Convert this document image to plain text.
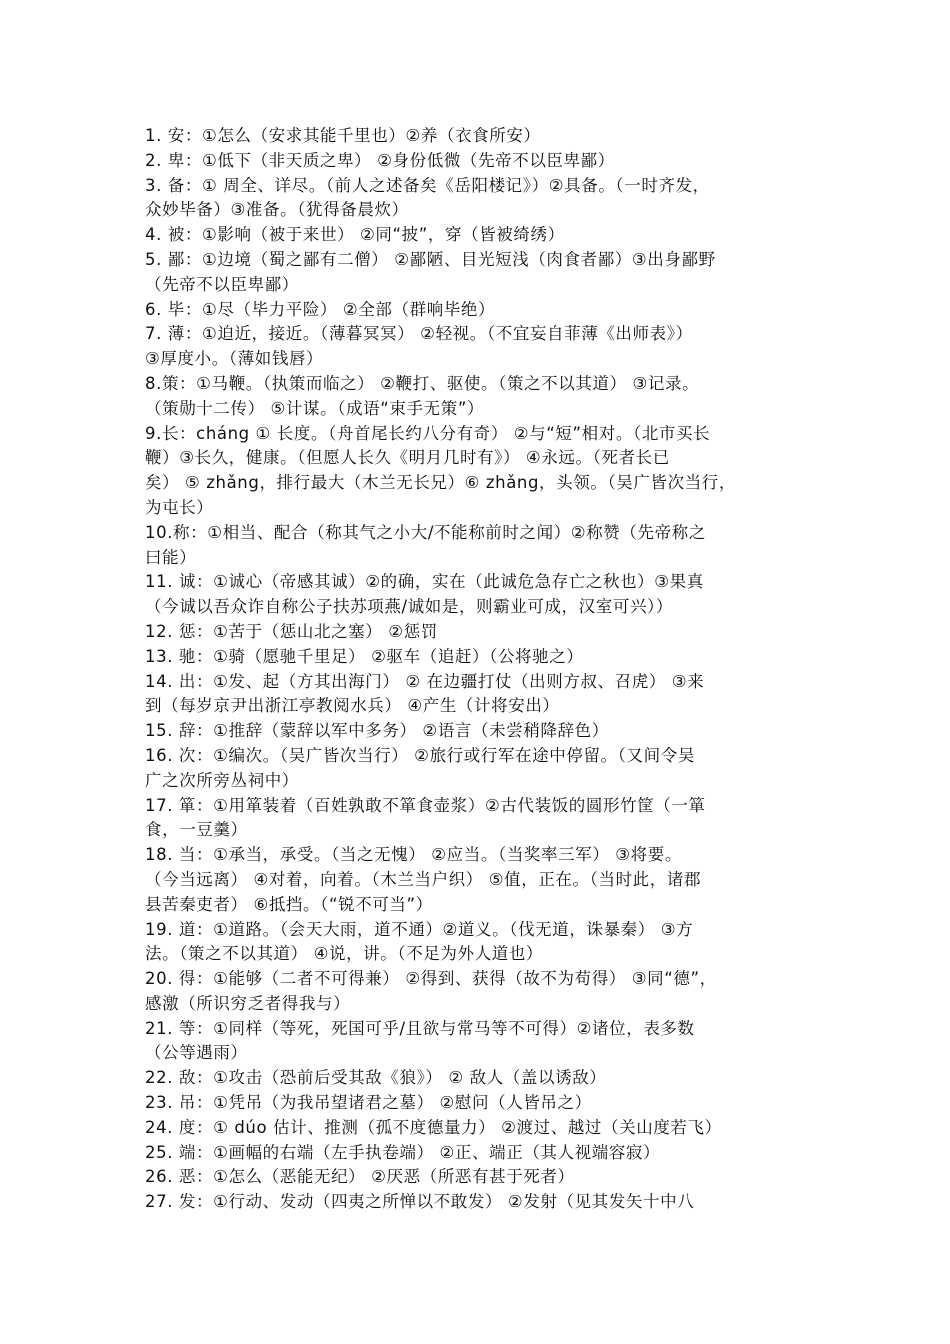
1. 安：①怎么（安求其能千里也）②养（衣食所安）
2. 卑：①低下（非天质之卑） ②身份低微（先帝不以臣卑鄙）
3. 备：① 周全、详尽。（前人之述备矣《岳阳楼记》）②具备。（一时齐发，
众妙毕备）③准备。（犹得备晨炊）
4. 被：①影响（被于来世） ②同“披”，穿（皆被绮绣）
5. 鄙：①边境（蜀之鄙有二僧） ②鄙陋、目光短浅（肉食者鄙）③出身鄙野
（先帝不以臣卑鄙）
6. 毕：①尽（毕力平险） ②全部（群响毕绝）
7. 薄：①迫近，接近。（薄暮冥冥） ②轻视。（不宜妄自菲薄《出师表》）
③厚度小。（薄如钱唇）
8.策：①马鞭。（执策而临之） ②鞭打、驱使。（策之不以其道） ③记录。
（策勋十二传） ⑤计谋。（成语“束手无策”）
9.长：cháng ① 长度。（舟首尾长约八分有奇） ②与“短”相对。（北市买长
鞭）③长久，健康。（但愿人长久《明月几时有》） ④永远。（死者长已
矣） ⑤ zhǎng，排行最大（木兰无长兄）⑥ zhǎng，头领。（吴广皆次当行，
为屯长）
10.称：①相当、配合（称其气之小大/不能称前时之闻）②称赞（先帝称之
曰能）
11. 诚：①诚心（帝感其诚）②的确，实在（此诚危急存亡之秋也）③果真
（今诚以吾众诈自称公子扶苏项燕/诚如是，则霸业可成，汉室可兴））
12. 惩：①苦于（惩山北之塞） ②惩罚
13. 驰：①骑（愿驰千里足） ②驱车（追赶）（公将驰之）
14. 出：①发、起（方其出海门） ② 在边疆打仗（出则方叔、召虎） ③来
到（每岁京尹出浙江亭教阅水兵） ④产生（计将安出）
15. 辞：①推辞（蒙辞以军中多务） ②语言（未尝稍降辞色）
16. 次：①编次。（吴广皆次当行） ②旅行或行军在途中停留。（又间令吴
广之次所旁丛祠中）
17. 箪：①用箪装着（百姓孰敢不箪食壶浆）②古代装饭的圆形竹筐（一箪
食，一豆羹）
18. 当：①承当，承受。（当之无愧） ②应当。（当奖率三军） ③将要。
（今当远离） ④对着，向着。（木兰当户织） ⑤值，正在。（当时此，诸郡
县苦秦吏者） ⑥抵挡。（“锐不可当”）
19. 道：①道路。（会天大雨，道不通）②道义。（伐无道，诛暴秦） ③方
法。（策之不以其道） ④说，讲。（不足为外人道也）
20. 得：①能够（二者不可得兼） ②得到、获得（故不为苟得） ③同“德”，
感激（所识穷乏者得我与）
21. 等：①同样（等死，死国可乎/且欲与常马等不可得）②诸位，表多数
（公等遇雨）
22. 敌：①攻击（恐前后受其敌《狼》） ② 敌人（盖以诱敌）
23. 吊：①凭吊（为我吊望诸君之墓） ②慰问（人皆吊之）
24. 度：① dúo 估计、推测（孤不度德量力） ②渡过、越过（关山度若飞）
25. 端：①画幅的右端（左手执卷端） ②正、端正（其人视端容寂）
26. 恶：①怎么（恶能无纪） ②厌恶（所恶有甚于死者）
27. 发：①行动、发动（四夷之所惮以不敢发） ②发射（见其发矢十中八
